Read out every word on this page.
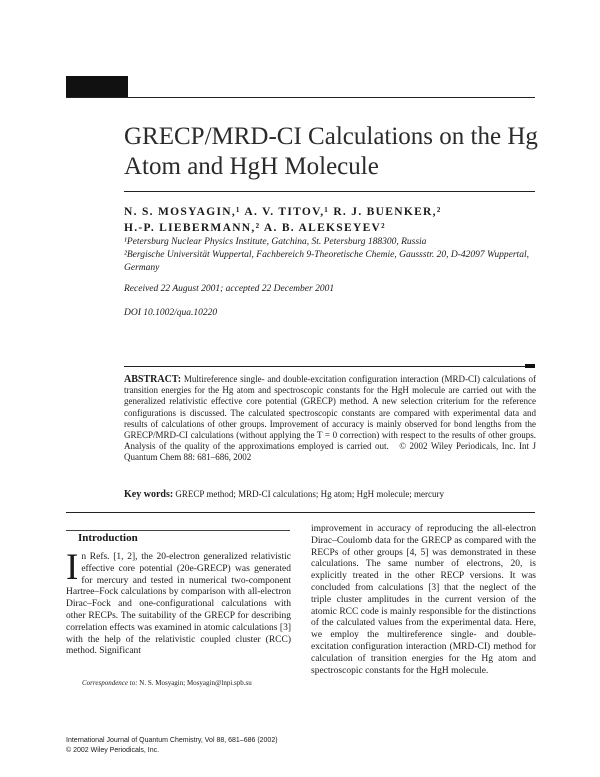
GRECP/MRD-CI Calculations on the Hg Atom and HgH Molecule
N. S. MOSYAGIN,¹ A. V. TITOV,¹ R. J. BUENKER,²
H.-P. LIEBERMANN,² A. B. ALEKSEYEV²

¹Petersburg Nuclear Physics Institute, Gatchina, St. Petersburg 188300, Russia

²Bergische Universität Wuppertal, Fachbereich 9-Theoretische Chemie, Gaussstr. 20, D-42097 Wuppertal, Germany

Received 22 August 2001; accepted 22 December 2001
DOI 10.1002/qua.10220

ABSTRACT: Multireference single- and double-excitation configuration interaction (MRD-CI) calculations of transition energies for the Hg atom and spectroscopic constants for the HgH molecule are carried out with the generalized relativistic effective core potential (GRECP) method. A new selection criterium for the reference configurations is discussed. The calculated spectroscopic constants are compared with experimental data and results of calculations of other groups. Improvement of accuracy is mainly observed for bond lengths from the GRECP/MRD-CI calculations (without applying the T = 0 correction) with respect to the results of other groups. Analysis of the quality of the approximations employed is carried out. © 2002 Wiley Periodicals, Inc. Int J Quantum Chem 88: 681–686, 2002

Key words: GRECP method; MRD-CI calculations; Hg atom; HgH molecule; mercury
Introduction

I n Refs. [1, 2], the 20-electron generalized relativistic effective core potential (20e-GRECP) was generated for mercury and tested in numerical two-component Hartree–Fock calculations by comparison with all-electron Dirac–Fock and one-configurational calculations with other RECPs. The suitability of the GRECP for describing correlation effects was examined in atomic calculations [3] with the help of the relativistic coupled cluster (RCC) method. Significant

improvement in accuracy of reproducing the all-electron Dirac–Coulomb data for the GRECP as compared with the RECPs of other groups [4, 5] was demonstrated in these calculations. The same number of electrons, 20, is explicitly treated in the other RECP versions. It was concluded from calculations [3] that the neglect of the triple cluster amplitudes in the current version of the atomic RCC code is mainly responsible for the distinctions of the calculated values from the experimental data. Here, we employ the multireference single- and double-excitation configuration interaction (MRD-CI) method for calculation of transition energies for the Hg atom and spectroscopic constants for the HgH molecule.

Correspondence to: N. S. Mosyagin; Mosyagin@lnpi.spb.su
International Journal of Quantum Chemistry, Vol 88, 681–686 (2002)
© 2002 Wiley Periodicals, Inc.
